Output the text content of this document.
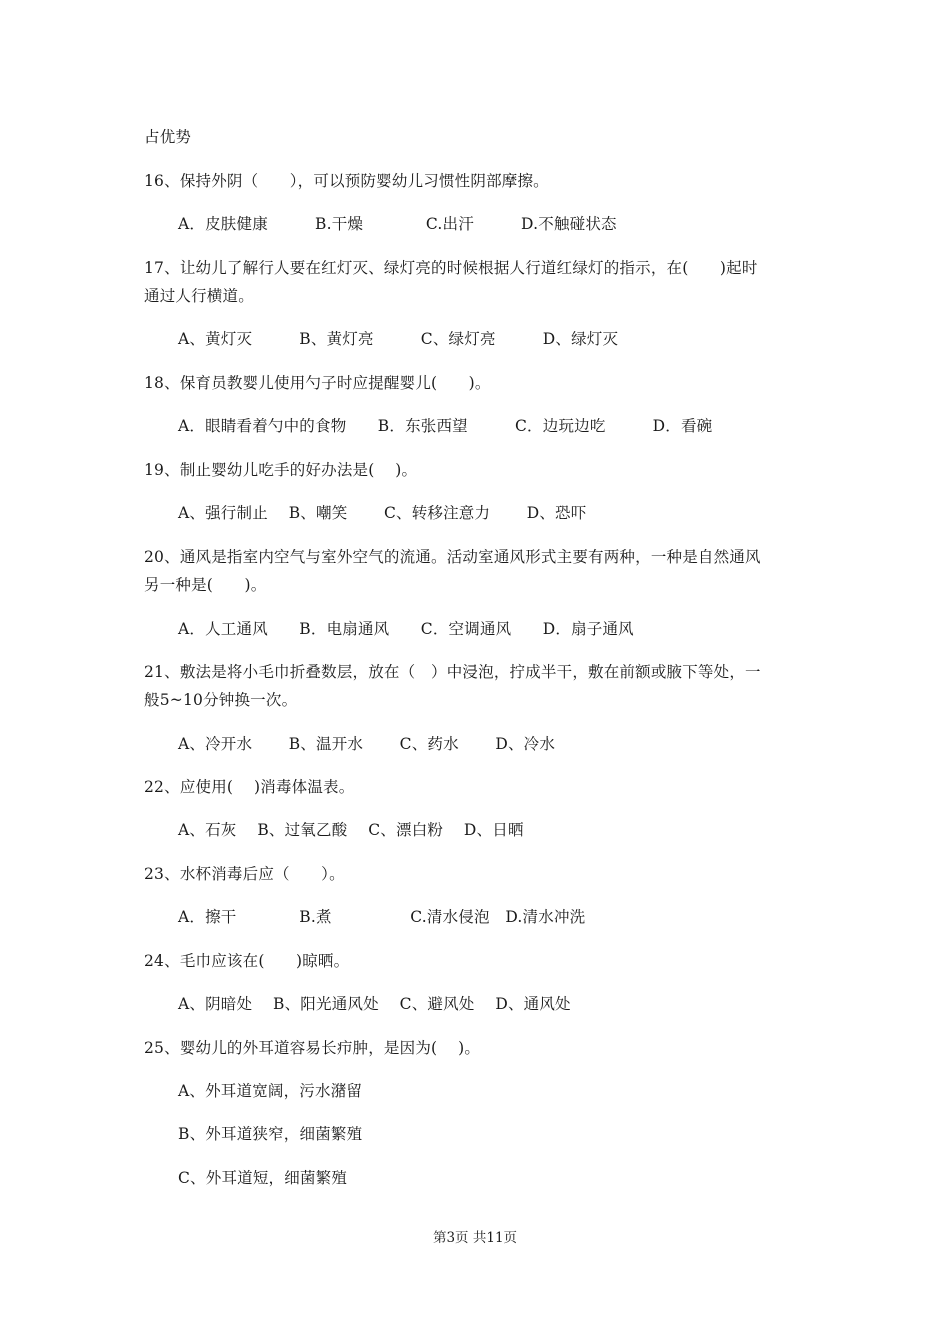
占优势
16、保持外阴（　　），可以预防婴幼儿习惯性阴部摩擦。
A．皮肤健康　　　B.干燥　　　　C.出汗　　　D.不触碰状态
17、让幼儿了解行人要在红灯灭、绿灯亮的时候根据人行道红绿灯的指示，在(　　)起时
通过人行横道。
A、黄灯灭　　　B、黄灯亮　　　C、绿灯亮　　　D、绿灯灭
18、保育员教婴儿使用勺子时应提醒婴儿(　　)。
A．眼睛看着勺中的食物　　B．东张西望　　　C．边玩边吃　　　D．看碗
19、制止婴幼儿吃手的好办法是(　 )。
A、强行制止　 B、嘲笑　　 C、转移注意力　　 D、恐吓
20、通风是指室内空气与室外空气的流通。活动室通风形式主要有两种，一种是自然通风
另一种是(　　)。
A．人工通风　　B．电扇通风　　C．空调通风　　D．扇子通风
21、敷法是将小毛巾折叠数层，放在（　）中浸泡，拧成半干，敷在前额或腋下等处，一
般5~10分钟换一次。
A、冷开水　　 B、温开水　　 C、药水　　 D、冷水
22、应使用(　 )消毒体温表。
A、石灰　 B、过氧乙酸　 C、漂白粉　 D、日晒
23、水杯消毒后应（　　）。
A．擦干　　　　B.煮　　　　　C.清水侵泡　D.清水冲洗
24、毛巾应该在(　　)晾晒。
A、阴暗处　 B、阳光通风处　 C、避风处　 D、通风处
25、婴幼儿的外耳道容易长疖肿，是因为(　 )。
A、外耳道宽阔，污水潴留
B、外耳道狭窄，细菌繁殖
C、外耳道短，细菌繁殖
第3页 共11页
